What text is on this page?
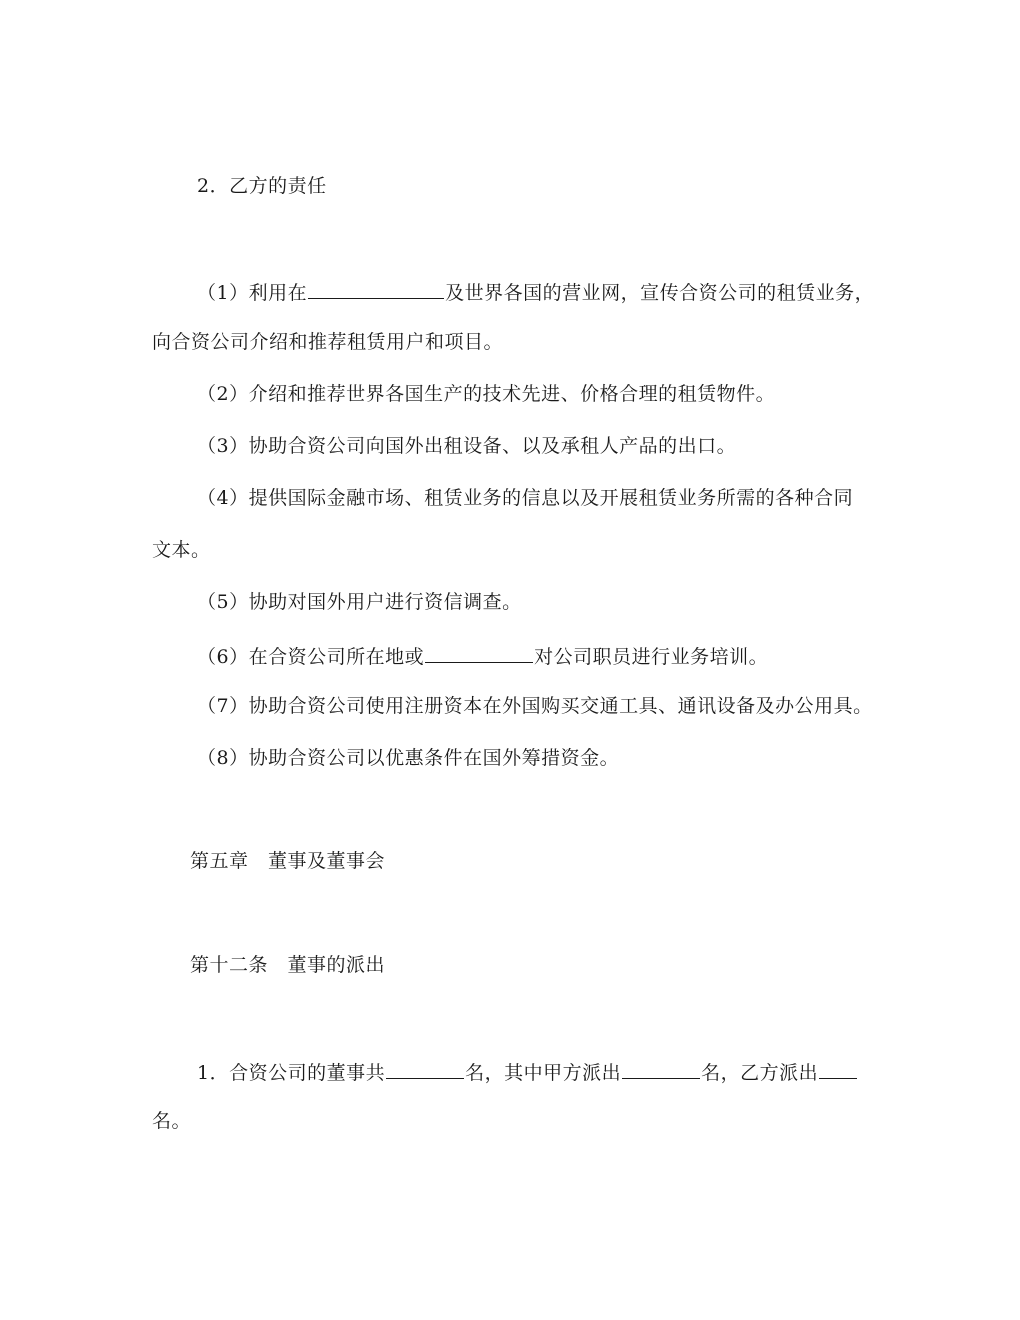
2．乙方的责任
（1）利用在	及世界各国的营业网，宣传合资公司的租赁业务，
向合资公司介绍和推荐租赁用户和项目。
（2）介绍和推荐世界各国生产的技术先进、价格合理的租赁物件。
（3）协助合资公司向国外出租设备、以及承租人产品的出口。
（4）提供国际金融市场、租赁业务的信息以及开展租赁业务所需的各种合同
文本。
（5）协助对国外用户进行资信调查。
（6）在合资公司所在地或	对公司职员进行业务培训。
（7）协助合资公司使用注册资本在外国购买交通工具、通讯设备及办公用具。
（8）协助合资公司以优惠条件在国外筹措资金。
第五章　董事及董事会
第十二条　董事的派出
1．合资公司的董事共	名，其中甲方派出	名，乙方派出
名。
